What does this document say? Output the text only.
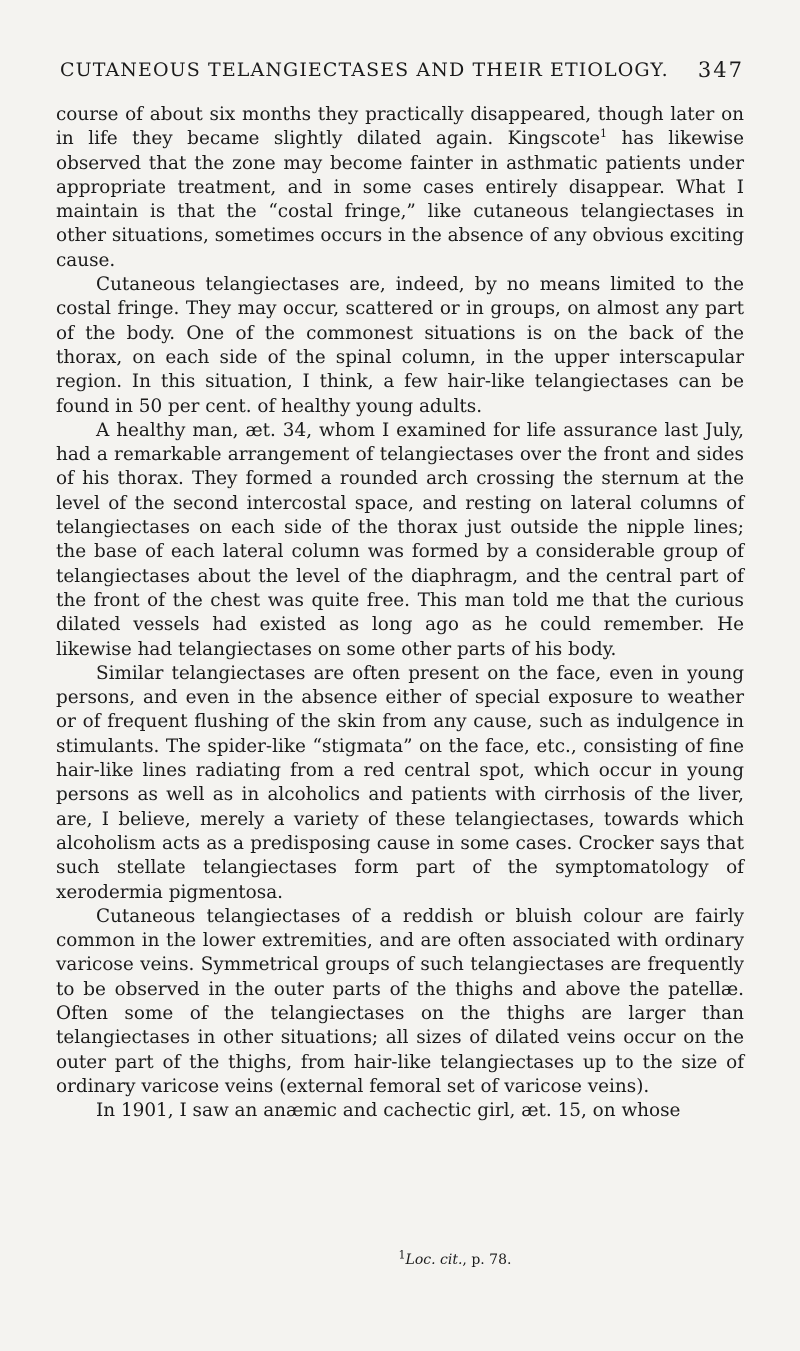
CUTANEOUS TELANGIECTASES AND THEIR ETIOLOGY. 347

course of about six months they practically disappeared, though later on in life they became slightly dilated again. Kingscote$^1$ has likewise observed that the zone may become fainter in asthmatic patients under appropriate treatment, and in some cases entirely disappear. What I maintain is that the “costal fringe,” like cutaneous telangiectases in other situations, sometimes occurs in the absence of any obvious exciting cause.

Cutaneous telangiectases are, indeed, by no means limited to the costal fringe. They may occur, scattered or in groups, on almost any part of the body. One of the commonest situations is on the back of the thorax, on each side of the spinal column, in the upper interscapular region. In this situation, I think, a few hair-like telangiectases can be found in 50 per cent. of healthy young adults.

A healthy man, æt. 34, whom I examined for life assurance last July, had a remarkable arrangement of telangiectases over the front and sides of his thorax. They formed a rounded arch crossing the sternum at the level of the second intercostal space, and resting on lateral columns of telangiectases on each side of the thorax just outside the nipple lines; the base of each lateral column was formed by a considerable group of telangiectases about the level of the diaphragm, and the central part of the front of the chest was quite free. This man told me that the curious dilated vessels had existed as long ago as he could remember. He likewise had telangiectases on some other parts of his body.

Similar telangiectases are often present on the face, even in young persons, and even in the absence either of special exposure to weather or of frequent flushing of the skin from any cause, such as indulgence in stimulants. The spider-like “stigmata” on the face, etc., consisting of fine hair-like lines radiating from a red central spot, which occur in young persons as well as in alcoholics and patients with cirrhosis of the liver, are, I believe, merely a variety of these telangiectases, towards which alcoholism acts as a predisposing cause in some cases. Crocker says that such stellate telangiectases form part of the symptomatology of xerodermia pigmentosa.

Cutaneous telangiectases of a reddish or bluish colour are fairly common in the lower extremities, and are often associated with ordinary varicose veins. Symmetrical groups of such telangiectases are frequently to be observed in the outer parts of the thighs and above the patellæ. Often some of the telangiectases on the thighs are larger than telangiectases in other situations; all sizes of dilated veins occur on the outer part of the thighs, from hair-like telangiectases up to the size of ordinary varicose veins (external femoral set of varicose veins).

In 1901, I saw an anæmic and cachectic girl, æt. 15, on whose

$^1$Loc. cit., p. 78.
